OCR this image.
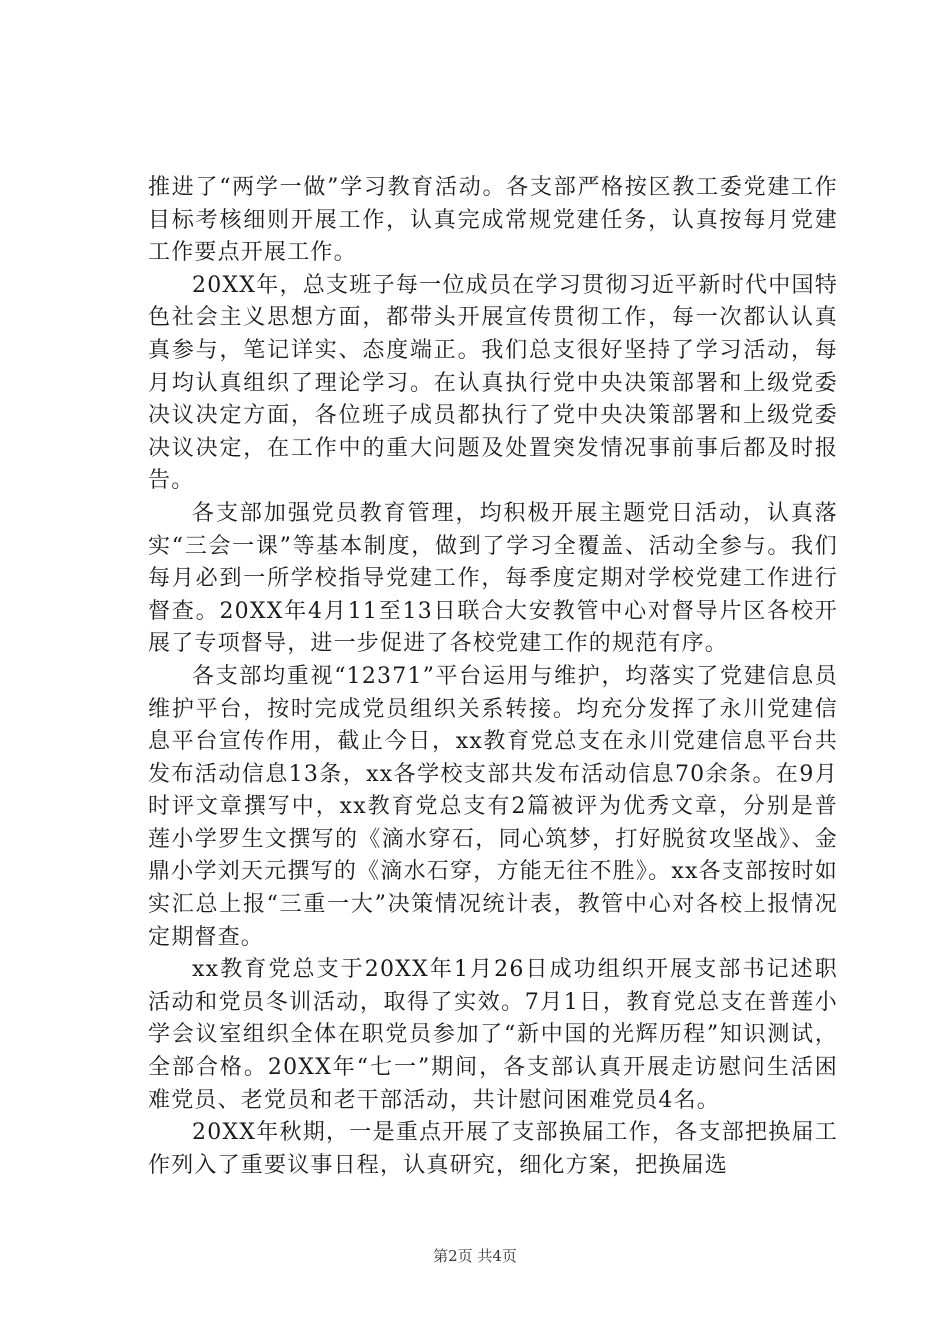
推进了“两学一做”学习教育活动。各支部严格按区教工委党建工作目标考核细则开展工作，认真完成常规党建任务，认真按每月党建工作要点开展工作。

20XX年，总支班子每一位成员在学习贯彻习近平新时代中国特色社会主义思想方面，都带头开展宣传贯彻工作，每一次都认认真真参与，笔记详实、态度端正。我们总支很好坚持了学习活动，每月均认真组织了理论学习。在认真执行党中央决策部署和上级党委决议决定方面，各位班子成员都执行了党中央决策部署和上级党委决议决定，在工作中的重大问题及处置突发情况事前事后都及时报告。

各支部加强党员教育管理，均积极开展主题党日活动，认真落实“三会一课”等基本制度，做到了学习全覆盖、活动全参与。我们每月必到一所学校指导党建工作，每季度定期对学校党建工作进行督查。20XX年4月11至13日联合大安教管中心对督导片区各校开展了专项督导，进一步促进了各校党建工作的规范有序。

各支部均重视“12371”平台运用与维护，均落实了党建信息员维护平台，按时完成党员组织关系转接。均充分发挥了永川党建信息平台宣传作用，截止今日，xx教育党总支在永川党建信息平台共发布活动信息13条，xx各学校支部共发布活动信息70余条。在9月时评文章撰写中，xx教育党总支有2篇被评为优秀文章，分别是普莲小学罗生文撰写的《滴水穿石，同心筑梦，打好脱贫攻坚战》、金鼎小学刘天元撰写的《滴水石穿，方能无往不胜》。xx各支部按时如实汇总上报“三重一大”决策情况统计表，教管中心对各校上报情况定期督查。

xx教育党总支于20XX年1月26日成功组织开展支部书记述职活动和党员冬训活动，取得了实效。7月1日，教育党总支在普莲小学会议室组织全体在职党员参加了“新中国的光辉历程”知识测试，全部合格。20XX年“七一”期间，各支部认真开展走访慰问生活困难党员、老党员和老干部活动，共计慰问困难党员4名。

20XX年秋期，一是重点开展了支部换届工作，各支部把换届工作列入了重要议事日程，认真研究，细化方案，把换届选

第2页 共4页
